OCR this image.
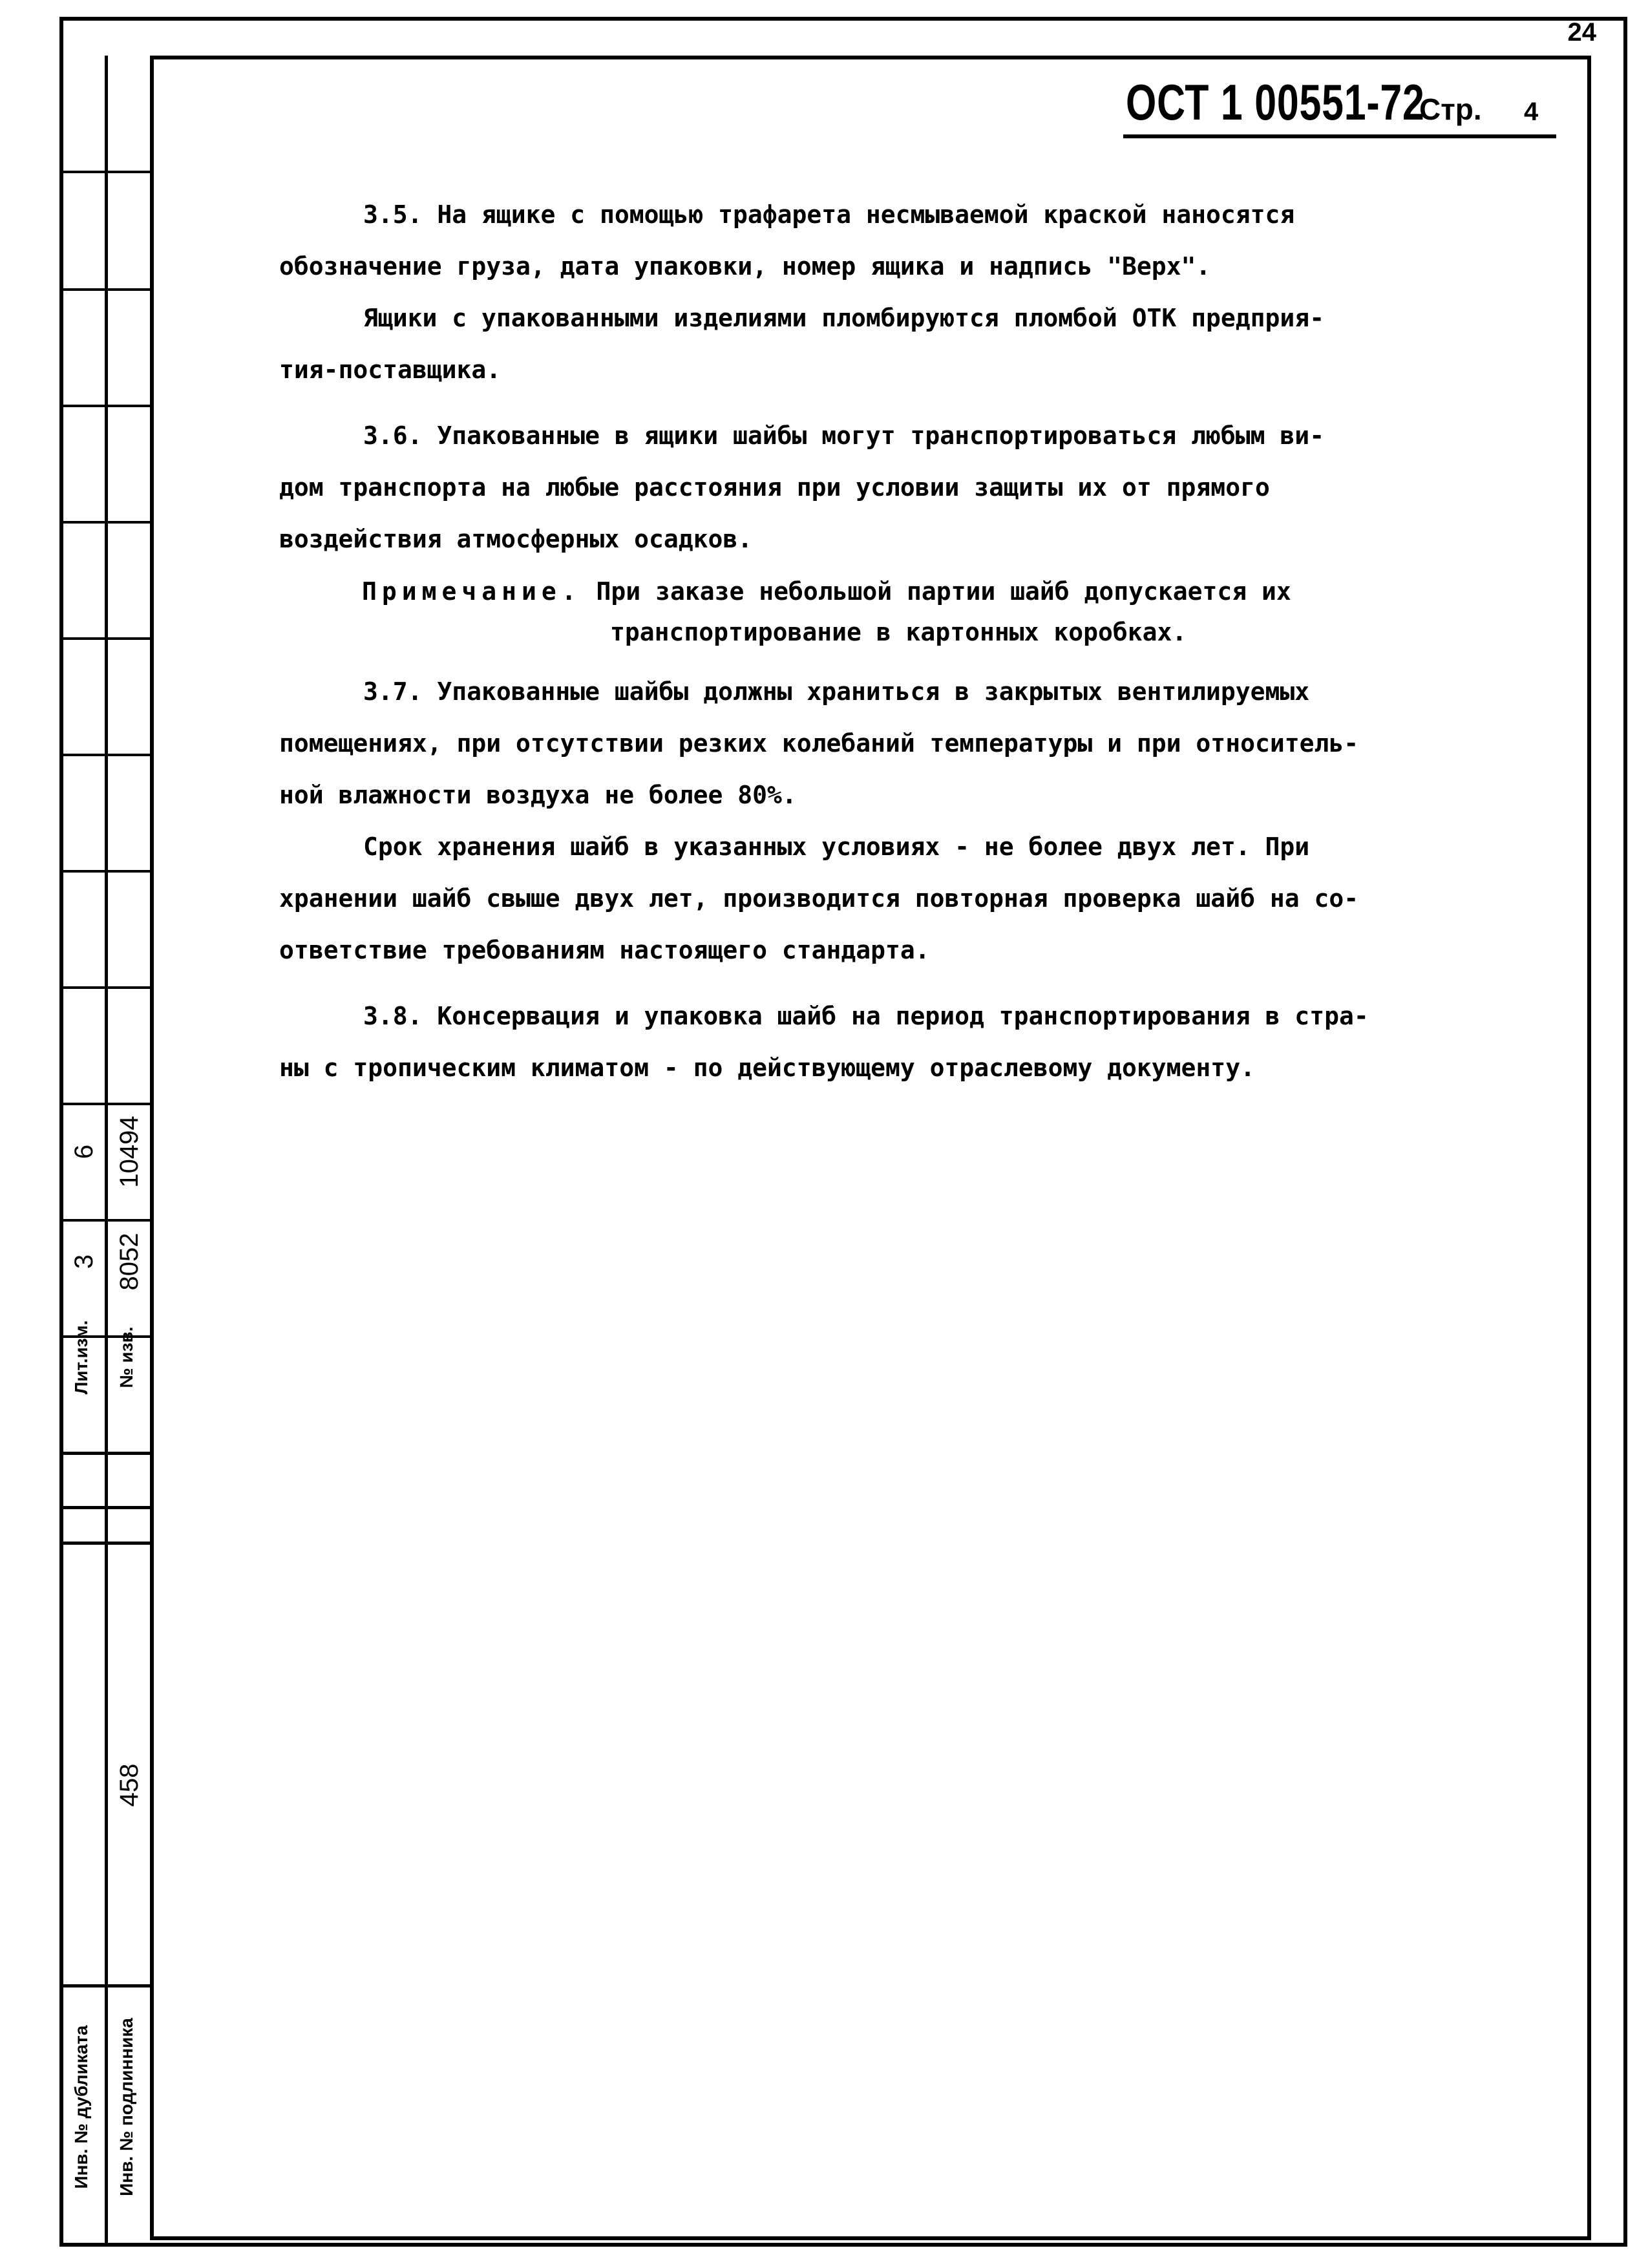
24
Лит.изм.	№ изв.
3
6
8052
10494
Инв. № дубликата	Инв. № подлинника
458
ОСТ 1 00551-72
Стр. 4

3.5. На ящике с помощью трафарета несмываемой краской наносятся

обозначение груза, дата упаковки, номер ящика и надпись "Верх".

Ящики с упакованными изделиями пломбируются пломбой ОТК предприя-

тия-поставщика.

3.6. Упакованные в ящики шайбы могут транспортироваться любым ви-

дом транспорта на любые расстояния при условии защиты их от прямого

воздействия атмосферных осадков.

Примечание. При заказе небольшой партии шайб допускается их

транспортирование в картонных коробках.

3.7. Упакованные шайбы должны храниться в закрытых вентилируемых

помещениях, при отсутствии резких колебаний температуры и при относитель-

ной влажности воздуха не более 80%.

Срок хранения шайб в указанных условиях - не более двух лет. При

хранении шайб свыше двух лет, производится повторная проверка шайб на со-

ответствие требованиям настоящего стандарта.

3.8. Консервация и упаковка шайб на период транспортирования в стра-

ны с тропическим климатом - по действующему отраслевому документу.
